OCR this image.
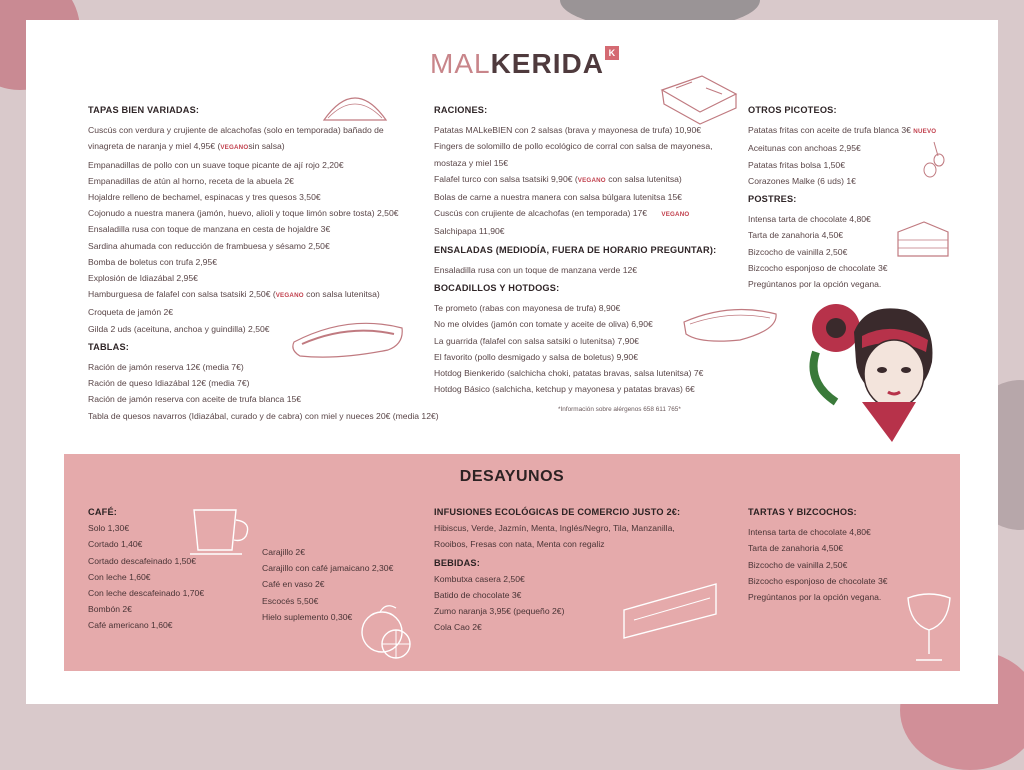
MALKERIDA K
TAPAS BIEN VARIADAS:
Cuscús con verdura y crujiente de alcachofas (solo en temporada) bañado de
vinagreta de naranja y miel 4,95€ (VEGANOsin salsa)
Empanadillas de pollo con un suave toque picante de ají rojo 2,20€
Empanadillas de atún al horno, receta de la abuela 2€
Hojaldre relleno de bechamel, espinacas y tres quesos 3,50€
Cojonudo a nuestra manera (jamón, huevo, alioli y toque limón sobre tosta) 2,50€
Ensaladilla rusa con toque de manzana en cesta de hojaldre 3€
Sardina ahumada con reducción de frambuesa y sésamo 2,50€
Bomba de boletus con trufa 2,95€
Explosión de Idiazábal 2,95€
Hamburguesa de falafel con salsa tsatsiki 2,50€ (VEGANO con salsa lutenitsa)
Croqueta de jamón 2€
Gilda 2 uds (aceituna, anchoa y guindilla) 2,50€
TABLAS:
Ración de jamón reserva 12€ (media 7€)
Ración de queso Idiazábal 12€ (media 7€)
Ración de jamón reserva con aceite de trufa blanca 15€
Tabla de quesos navarros (Idiazábal, curado y de cabra) con miel y nueces 20€ (media 12€)
RACIONES:
Patatas MALkeBIEN con 2 salsas (brava y mayonesa de trufa) 10,90€
Fingers de solomillo de pollo ecológico de corral con salsa de mayonesa,
mostaza y miel 15€
Falafel turco con salsa tsatsiki 9,90€ (VEGANO con salsa lutenitsa)
Bolas de carne a nuestra manera con salsa búlgara lutenitsa 15€
Cuscús con crujiente de alcachofas (en temporada) 17€ VEGANO
Salchipapa 11,90€
ENSALADAS (MEDIODÍA, FUERA DE HORARIO PREGUNTAR):
Ensaladilla rusa con un toque de manzana verde 12€
BOCADILLOS Y HOTDOGS:
Te prometo (rabas con mayonesa de trufa) 8,90€
No me olvides (jamón con tomate y aceite de oliva) 6,90€
La guarrida (falafel con salsa satsiki o lutenitsa) 7,90€
El favorito (pollo desmigado y salsa de boletus) 9,90€
Hotdog Bienkerido (salchicha choki, patatas bravas, salsa lutenitsa) 7€
Hotdog Básico (salchicha, ketchup y mayonesa y patatas bravas) 6€
*Información sobre alérgenos 658 611 765*
OTROS PICOTEOS:
Patatas fritas con aceite de trufa blanca 3€ NUEVO
Aceitunas con anchoas 2,95€
Patatas fritas bolsa 1,50€
Corazones Malke (6 uds) 1€
POSTRES:
Intensa tarta de chocolate 4,80€
Tarta de zanahoria 4,50€
Bizcocho de vainilla 2,50€
Bizcocho esponjoso de chocolate 3€
Pregúntanos por la opción vegana.
DESAYUNOS
CAFÉ:
Solo 1,30€
Cortado 1,40€
Cortado descafeinado 1,50€
Con leche 1,60€
Con leche descafeinado 1,70€
Bombón 2€
Café americano 1,60€
Carajillo 2€
Carajillo con café jamaicano 2,30€
Café en vaso 2€
Escocés 5,50€
Hielo suplemento 0,30€
INFUSIONES ECOLÓGICAS DE COMERCIO JUSTO 2€:
Hibiscus, Verde, Jazmín, Menta, Inglés/Negro, Tila, Manzanilla,
Rooibos, Fresas con nata, Menta con regaliz
BEBIDAS:
Kombutxa casera 2,50€
Batido de chocolate 3€
Zumo naranja 3,95€ (pequeño 2€)
Cola Cao 2€
TARTAS Y BIZCOCHOS:
Intensa tarta de chocolate 4,80€
Tarta de zanahoria 4,50€
Bizcocho de vainilla 2,50€
Bizcocho esponjoso de chocolate 3€
Pregúntanos por la opción vegana.
